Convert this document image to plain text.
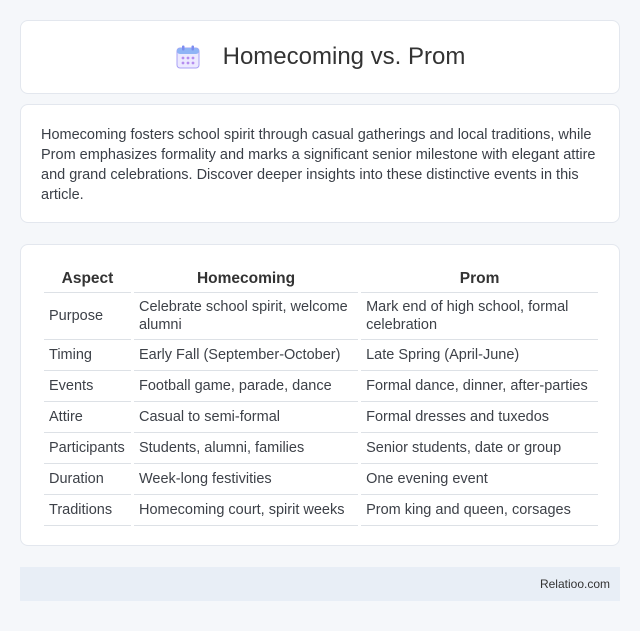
Homecoming vs. Prom

Homecoming fosters school spirit through casual gatherings and local traditions, while Prom emphasizes formality and marks a significant senior milestone with elegant attire and grand celebrations. Discover deeper insights into these distinctive events in this article.

Aspect	Homecoming	Prom
Purpose	Celebrate school spirit, welcome alumni	Mark end of high school, formal celebration
Timing	Early Fall (September-October)	Late Spring (April-June)
Events	Football game, parade, dance	Formal dance, dinner, after-parties
Attire	Casual to semi-formal	Formal dresses and tuxedos
Participants	Students, alumni, families	Senior students, date or group
Duration	Week-long festivities	One evening event
Traditions	Homecoming court, spirit weeks	Prom king and queen, corsages
Relatioo.com
